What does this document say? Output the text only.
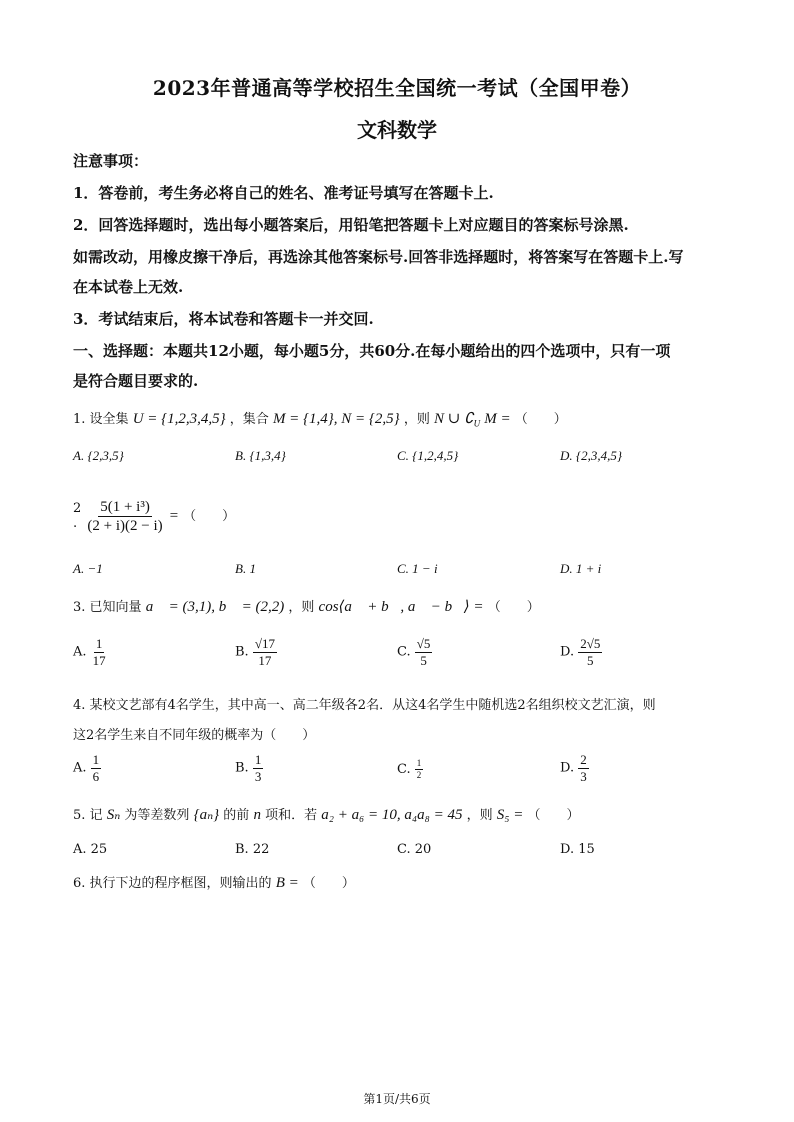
2023年普通高等学校招生全国统一考试（全国甲卷）
文科数学
注意事项：
1．答卷前，考生务必将自己的姓名、准考证号填写在答题卡上.
2．回答选择题时，选出每小题答案后，用铅笔把答题卡上对应题目的答案标号涂黑.
如需改动，用橡皮擦干净后，再选涂其他答案标号.回答非选择题时，将答案写在答题卡上.写
在本试卷上无效.
3．考试结束后，将本试卷和答题卡一并交回.
一、选择题：本题共12小题，每小题5分，共60分.在每小题给出的四个选项中，只有一项
是符合题目要求的.
1. 设全集 U = {1,2,3,4,5} ，集合 M = {1,4}, N = {2,5} ，则 N ∪ $∁_U$ M = （　　）
A. {2,3,5}	B. {1,3,4}	C. {1,2,4,5}	D. {2,3,4,5}
2
. $\frac{\text{5(1 + i³)}}{(2 + i)(2 - i)}$ = （　　）
A. −1	B. 1	C. 1 − i	D. 1 + i
3. 已知向量 a⃗ = (3,1), b⃗ = (2,2) ，则 cos⟨a⃗ + b⃗, a⃗ − b⃗⟩ = （　　）
A. $\frac{1}{17}$	B. $\frac{√17}{17}$	C. $\frac{√5}{5}$	D. $\frac{2√5}{5}$
4. 某校文艺部有4名学生，其中高一、高二年级各2名．从这4名学生中随机选2名组织校文艺汇演，则
这2名学生来自不同年级的概率为（　　）
A. $\frac{1}{6}$	B. $\frac{1}{3}$	C. $\frac{1}{2}$	D. $\frac{2}{3}$
5. 记 Sₙ 为等差数列 {aₙ} 的前 n 项和．若 a₂ + a₆ = 10, a₄a₈ = 45 ，则 S₅ = （　　）
A. 25	B. 22	C. 20	D. 15
6. 执行下边的程序框图，则输出的 B = （　　）
第1页/共6页
